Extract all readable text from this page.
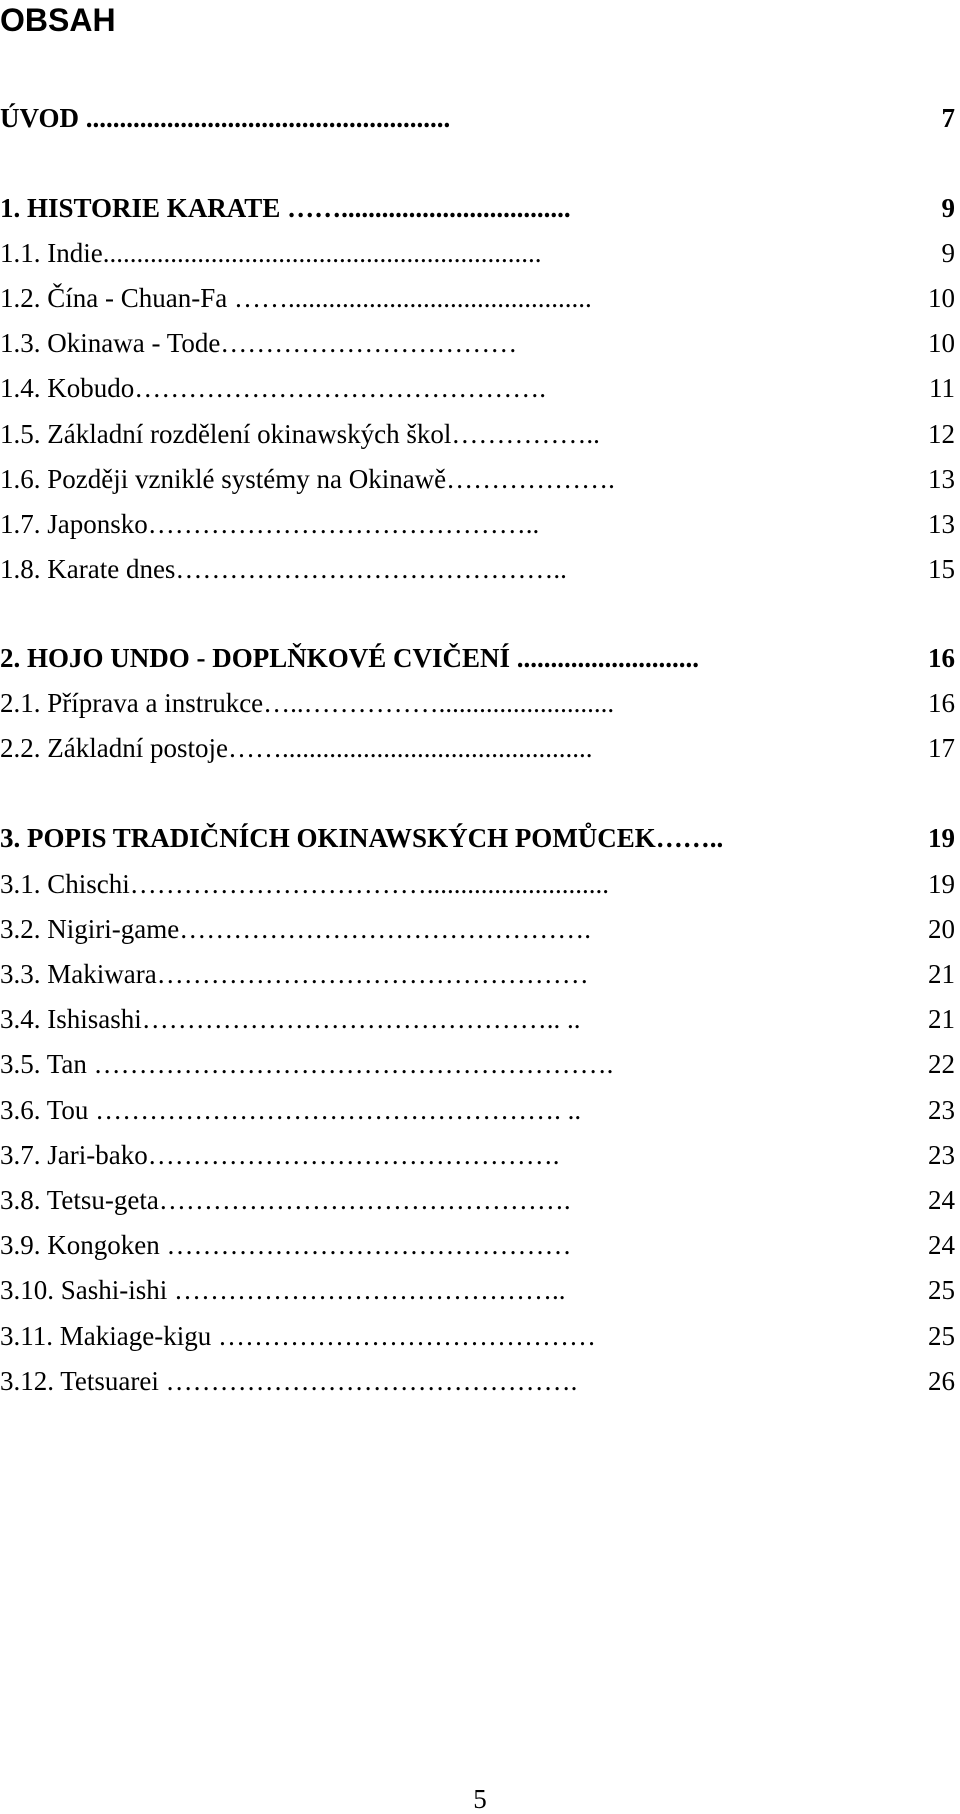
OBSAH
ÚVOD ......................................................	7
1. HISTORIE KARATE ……..................................	9
1.1. Indie.................................................................	9
1.2. Čína - Chuan-Fa …….............................................	10
1.3. Okinawa - Tode……………………………	10
1.4. Kobudo……………………………………….	11
1.5. Základní rozdělení okinawských škol……………..	12
1.6. Později vzniklé systémy na Okinawě……………….	13
1.7. Japonsko……………………………………..	13
1.8. Karate dnes……………………………………..	15
2. HOJO UNDO - DOPLŇKOVÉ CVIČENÍ ...........................	16
2.1. Příprava a instrukce…..……………..........................	16
2.2. Základní postoje……..............................................	17
3. POPIS TRADIČNÍCH OKINAWSKÝCH POMŮCEK……..	19
3.1. Chischi……………………………...........................	19
3.2. Nigiri-game……………………………………….	20
3.3. Makiwara…………………………………………	21
3.4. Ishisashi……………………………………….. ..	21
3.5. Tan ………………………………………………….	22
3.6. Tou ……………………………………………. ..	23
3.7. Jari-bako……………………………………….	23
3.8. Tetsu-geta……………………………………….	24
3.9. Kongoken ………………………………………	24
3.10. Sashi-ishi ……………………………………..	25
3.11. Makiage-kigu ……………………………………	25
3.12. Tetsuarei ……………………………………….	26
5
